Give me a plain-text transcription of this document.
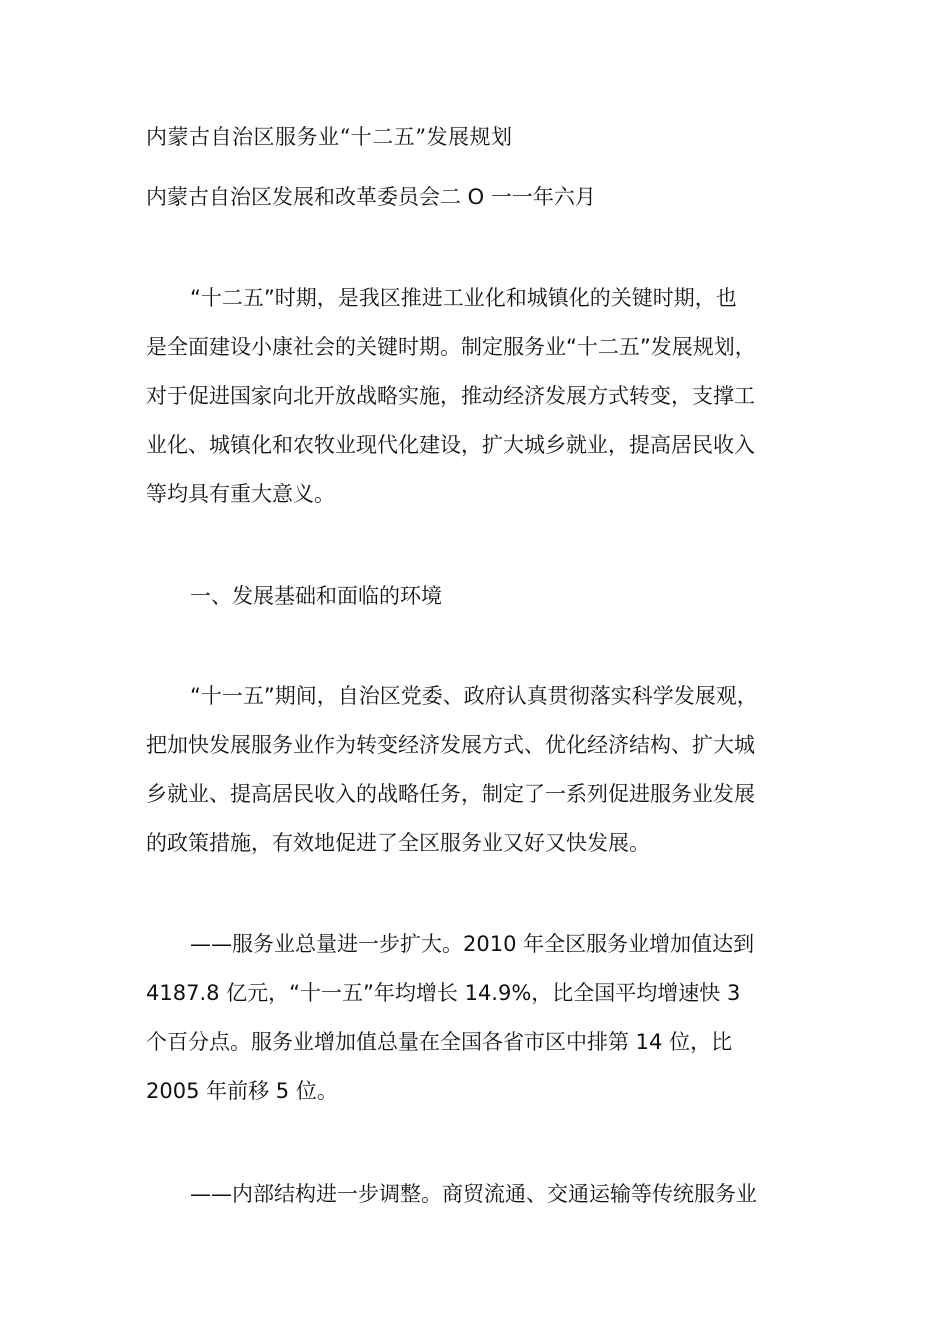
内蒙古自治区服务业“十二五”发展规划
内蒙古自治区发展和改革委员会二 O 一一年六月
“十二五”时期，是我区推进工业化和城镇化的关键时期，也
是全面建设小康社会的关键时期。制定服务业“十二五”发展规划，
对于促进国家向北开放战略实施，推动经济发展方式转变，支撑工
业化、城镇化和农牧业现代化建设，扩大城乡就业，提高居民收入
等均具有重大意义。
一、发展基础和面临的环境
“十一五”期间，自治区党委、政府认真贯彻落实科学发展观，
把加快发展服务业作为转变经济发展方式、优化经济结构、扩大城
乡就业、提高居民收入的战略任务，制定了一系列促进服务业发展
的政策措施，有效地促进了全区服务业又好又快发展。
——服务业总量进一步扩大。2010 年全区服务业增加值达到
4187.8 亿元，“十一五”年均增长 14.9%，比全国平均增速快 3
个百分点。服务业增加值总量在全国各省市区中排第 14 位，比
2005 年前移 5 位。
——内部结构进一步调整。商贸流通、交通运输等传统服务业
